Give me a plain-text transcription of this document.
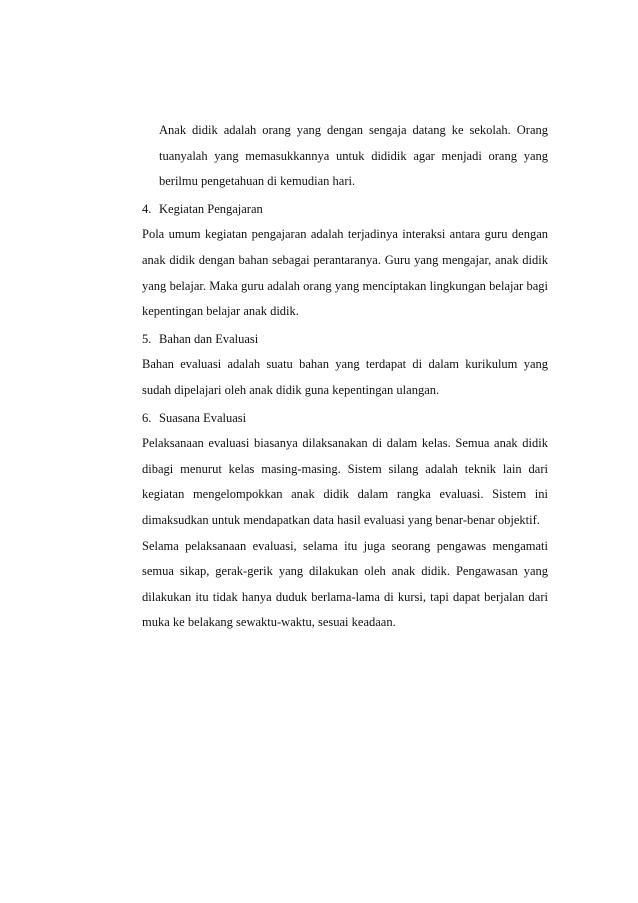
Anak didik adalah orang yang dengan sengaja datang ke sekolah. Orang tuanyalah yang memasukkannya untuk dididik agar menjadi orang yang berilmu pengetahuan di kemudian hari.

4. Kegiatan Pengajaran

Pola umum kegiatan pengajaran adalah terjadinya interaksi antara guru dengan anak didik dengan bahan sebagai perantaranya. Guru yang mengajar, anak didik yang belajar. Maka guru adalah orang yang menciptakan lingkungan belajar bagi kepentingan belajar anak didik.

5. Bahan dan Evaluasi

Bahan evaluasi adalah suatu bahan yang terdapat di dalam kurikulum yang sudah dipelajari oleh anak didik guna kepentingan ulangan.

6. Suasana Evaluasi

Pelaksanaan evaluasi biasanya dilaksanakan di dalam kelas. Semua anak didik dibagi menurut kelas masing-masing. Sistem silang adalah teknik lain dari kegiatan mengelompokkan anak didik dalam rangka evaluasi. Sistem ini dimaksudkan untuk mendapatkan data hasil evaluasi yang benar-benar objektif.

Selama pelaksanaan evaluasi, selama itu juga seorang pengawas mengamati semua sikap, gerak-gerik yang dilakukan oleh anak didik. Pengawasan yang dilakukan itu tidak hanya duduk berlama-lama di kursi, tapi dapat berjalan dari muka ke belakang sewaktu-waktu, sesuai keadaan.
